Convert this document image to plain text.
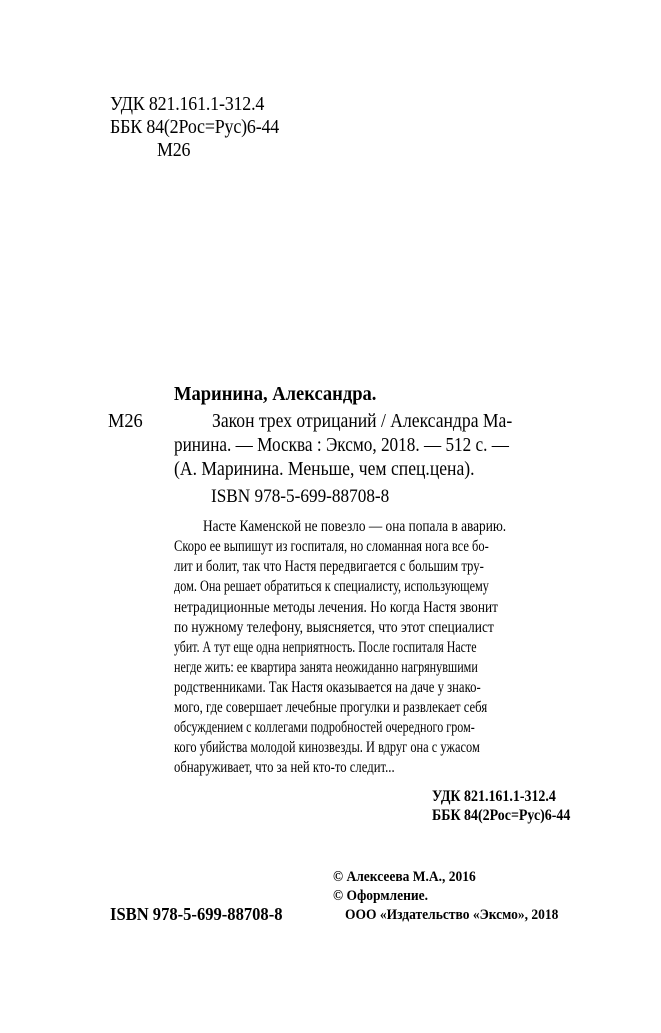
УДК 821.161.1-312.4
ББК 84(2Рос=Рус)6-44
М26
Маринина, Александра.
М26	Закон трех отрицаний / Александра Ма-
ринина. — Москва : Эксмо, 2018. — 512 с. —
(А. Маринина. Меньше, чем спец.цена).
ISBN 978-5-699-88708-8
Насте Каменской не повезло — она попала в аварию.
Скоро ее выпишут из госпиталя, но сломанная нога все бо-
лит и болит, так что Настя передвигается с большим тру-
дом. Она решает обратиться к специалисту, использующему
нетрадиционные методы лечения. Но когда Настя звонит
по нужному телефону, выясняется, что этот специалист
убит. А тут еще одна неприятность. После госпиталя Насте
негде жить: ее квартира занята неожиданно нагрянувшими
родственниками. Так Настя оказывается на даче у знако-
мого, где совершает лечебные прогулки и развлекает себя
обсуждением с коллегами подробностей очередного гром-
кого убийства молодой кинозвезды. И вдруг она с ужасом
обнаруживает, что за ней кто-то следит...
УДК 821.161.1-312.4
ББК 84(2Рос=Рус)6-44
© Алексеева М.А., 2016
© Оформление.
ООО «Издательство «Эксмо», 2018
ISBN 978-5-699-88708-8
